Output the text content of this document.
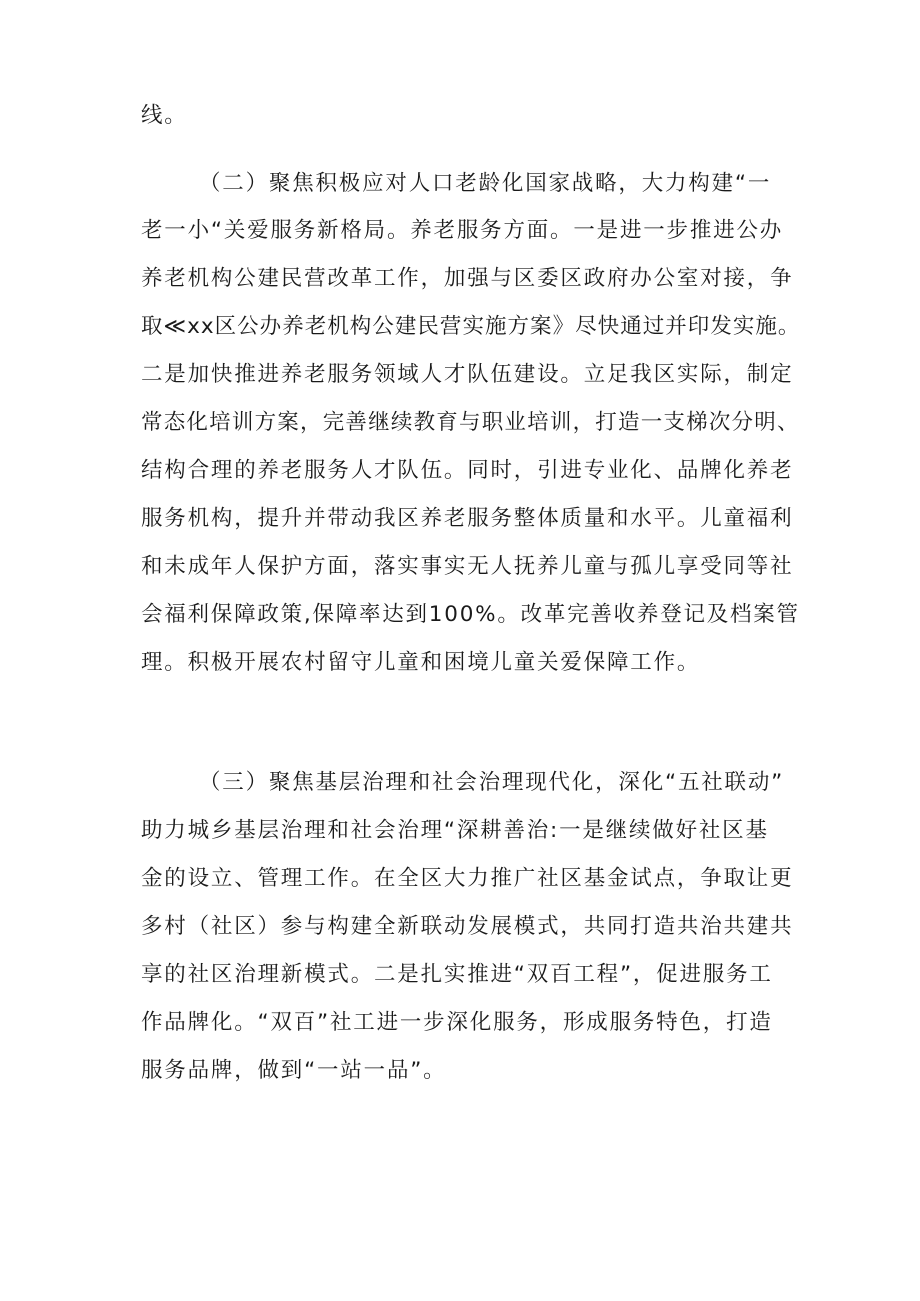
线。
（二）聚焦积极应对人口老龄化国家战略，大力构建“一
老一小“关爱服务新格局。养老服务方面。一是进一步推进公办
养老机构公建民营改革工作，加强与区委区政府办公室对接，争
取≪xx区公办养老机构公建民营实施方案》尽快通过并印发实施。
二是加快推进养老服务领域人才队伍建设。立足我区实际，制定
常态化培训方案，完善继续教育与职业培训，打造一支梯次分明、
结构合理的养老服务人才队伍。同时，引进专业化、品牌化养老
服务机构，提升并带动我区养老服务整体质量和水平。儿童福利
和未成年人保护方面，落实事实无人抚养儿童与孤儿享受同等社
会福利保障政策,保障率达到100%。改革完善收养登记及档案管
理。积极开展农村留守儿童和困境儿童关爱保障工作。
（三）聚焦基层治理和社会治理现代化，深化“五社联动”
助力城乡基层治理和社会治理“深耕善治:一是继续做好社区基
金的设立、管理工作。在全区大力推广社区基金试点，争取让更
多村（社区）参与构建全新联动发展模式，共同打造共治共建共
享的社区治理新模式。二是扎实推进“双百工程”，促进服务工
作品牌化。“双百”社工进一步深化服务，形成服务特色，打造
服务品牌，做到“一站一品”。
